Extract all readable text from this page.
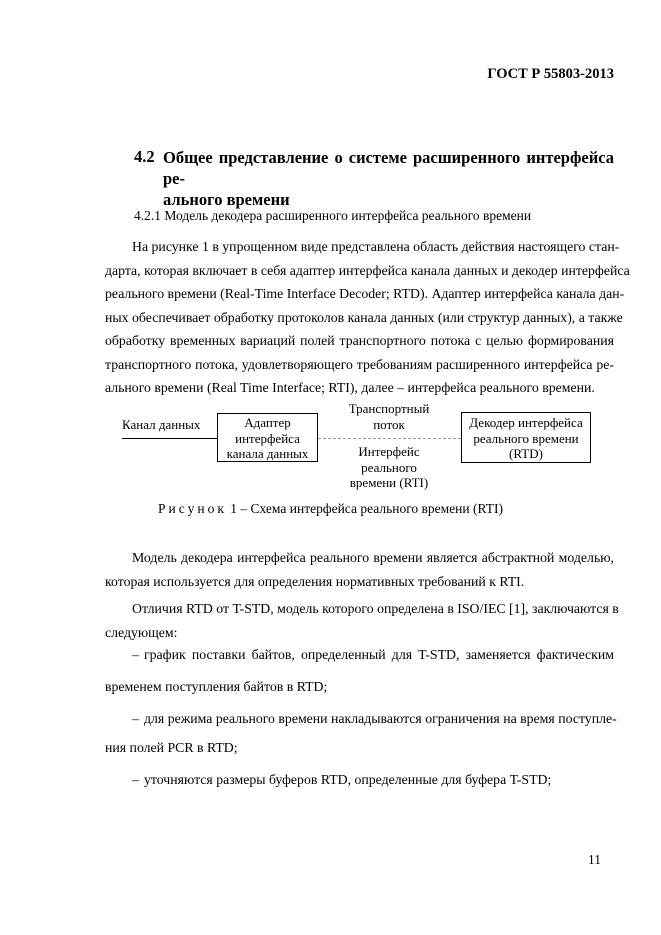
ГОСТ Р 55803-2013
4.2 Общее представление о системе расширенного интерфейса ре-
ального времени
4.2.1 Модель декодера расширенного интерфейса реального времени
На рисунке 1 в упрощенном виде представлена область действия настоящего стан-
дарта, которая включает в себя адаптер интерфейса канала данных и декодер интерфейса
реального времени (Real-Time Interface Decoder; RTD). Адаптер интерфейса канала дан-
ных обеспечивает обработку протоколов канала данных (или структур данных), а также
обработку временных вариаций полей транспортного потока с целью формирования
транспортного потока, удовлетворяющего требованиям расширенного интерфейса ре-
ального времени (Real Time Interface; RTI), далее – интерфейса реального времени.
Канал данных	Адаптер
интерфейса
канала данных
Транспортный
поток
Интерфейс
реального
времени (RTI)
Декодер интерфейса
реального времени
(RTD)
Рисунок 1 – Схема интерфейса реального времени (RTI)
Модель декодера интерфейса реального времени является абстрактной моделью,
которая используется для определения нормативных требований к RTI.
Отличия RTD от T-STD, модель которого определена в ISO/IEC [1], заключаются в
следующем:
– график поставки байтов, определенный для T-STD, заменяется фактическим
временем поступления байтов в RTD;
– для режима реального времени накладываются ограничения на время поступле-
ния полей PCR в RTD;
– уточняются размеры буферов RTD, определенные для буфера T-STD;
11
